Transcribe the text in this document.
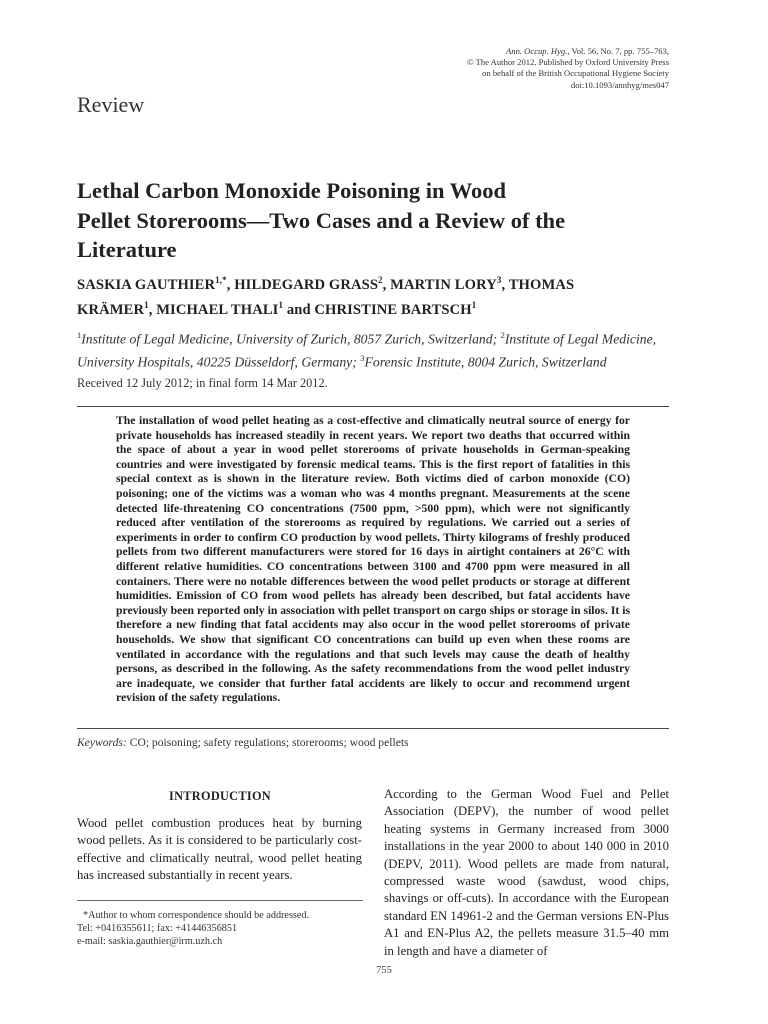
Ann. Occup. Hyg., Vol. 56, No. 7, pp. 755–763,
© The Author 2012. Published by Oxford University Press
on behalf of the British Occupational Hygiene Society
doi:10.1093/annhyg/mes047
Review
Lethal Carbon Monoxide Poisoning in Wood
Pellet Storerooms—Two Cases and a Review of the
Literature
SASKIA $GAUTHIER^{1,*}$, HILDEGARD GRASS$^2$, MARTIN LORY$^3$, THOMAS
KRÄMER$^1$, MICHAEL THALI$^1$ and CHRISTINE BARTSCH$^1$
$^1$Institute of Legal Medicine, University of Zurich, 8057 Zurich, Switzerland; $^2$Institute of Legal Medicine,
University Hospitals, 40225 Düsseldorf, Germany; $^3$Forensic Institute, 8004 Zurich, Switzerland
Received 12 July 2012; in final form 14 Mar 2012.
The installation of wood pellet heating as a cost-effective and climatically neutral source of energy for private households has increased steadily in recent years. We report two deaths that occurred within the space of about a year in wood pellet storerooms of private households in German-speaking countries and were investigated by forensic medical teams. This is the first report of fatalities in this special context as is shown in the literature review. Both victims died of carbon monoxide (CO) poisoning; one of the victims was a woman who was 4 months pregnant. Measurements at the scene detected life-threatening CO concentrations (7500 ppm, >500 ppm), which were not significantly reduced after ventilation of the storerooms as required by regulations. We carried out a series of experiments in order to confirm CO production by wood pellets. Thirty kilograms of freshly produced pellets from two different manufacturers were stored for 16 days in airtight containers at 26°C with different relative humidities. CO concentrations between 3100 and 4700 ppm were measured in all containers. There were no notable differences between the wood pellet products or storage at different humidities. Emission of CO from wood pellets has already been described, but fatal accidents have previously been reported only in association with pellet transport on cargo ships or storage in silos. It is therefore a new finding that fatal accidents may also occur in the wood pellet storerooms of private households. We show that significant CO concentrations can build up even when these rooms are ventilated in accordance with the regulations and that such levels may cause the death of healthy persons, as described in the following. As the safety recommendations from the wood pellet industry are inadequate, we consider that further fatal accidents are likely to occur and recommend urgent revision of the safety regulations.
Keywords: CO; poisoning; safety regulations; storerooms; wood pellets
INTRODUCTION
Wood pellet combustion produces heat by burning wood pellets. As it is considered to be particularly cost-effective and climatically neutral, wood pellet heating has increased substantially in recent years.
According to the German Wood Fuel and Pellet Association (DEPV), the number of wood pellet heating systems in Germany increased from 3000 installations in the year 2000 to about 140 000 in 2010 (DEPV, 2011). Wood pellets are made from natural, compressed waste wood (sawdust, wood chips, shavings or off-cuts). In accordance with the European standard EN 14961-2 and the German versions EN-Plus A1 and EN-Plus A2, the pellets measure 31.5–40 mm in length and have a diameter of
*Author to whom correspondence should be addressed.
Tel: +0416355611; fax: +41446356851
e-mail: saskia.gauthier@irm.uzh.ch
755
